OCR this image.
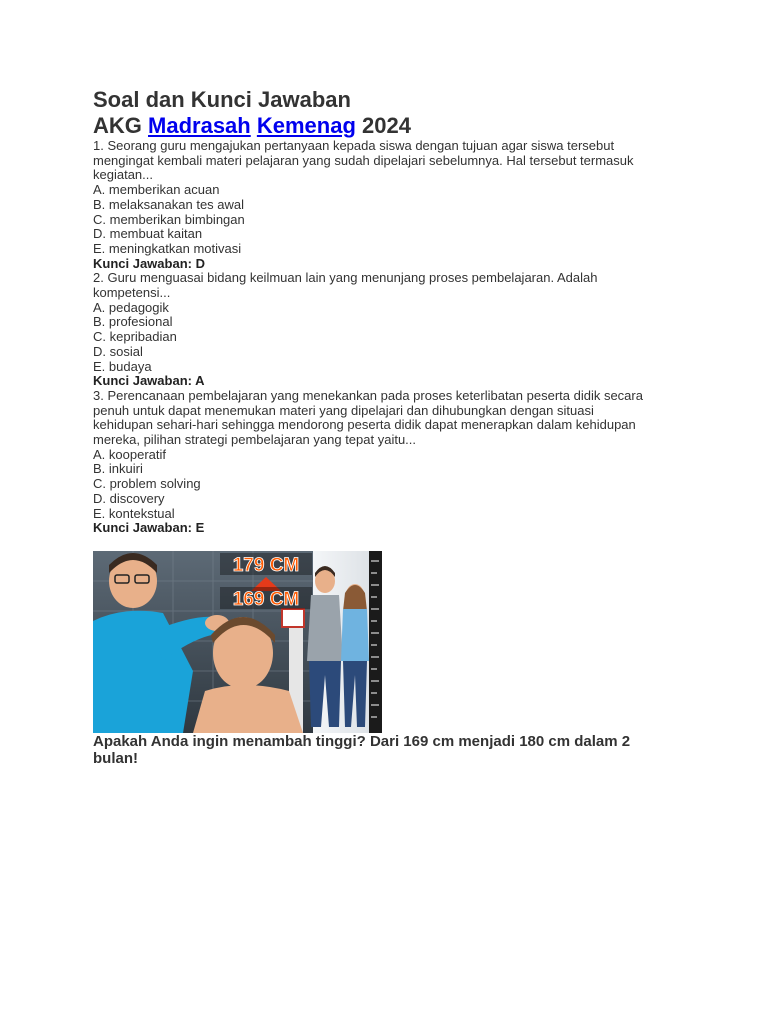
Soal dan Kunci Jawaban
AKG Madrasah Kemenag 2024
1. Seorang guru mengajukan pertanyaan kepada siswa dengan tujuan agar siswa tersebut
mengingat kembali materi pelajaran yang sudah dipelajari sebelumnya. Hal tersebut termasuk
kegiatan...
A. memberikan acuan
B. melaksanakan tes awal
C. memberikan bimbingan
D. membuat kaitan
E. meningkatkan motivasi
Kunci Jawaban: D
2. Guru menguasai bidang keilmuan lain yang menunjang proses pembelajaran. Adalah
kompetensi...
A. pedagogik
B. profesional
C. kepribadian
D. sosial
E. budaya
Kunci Jawaban: A
3. Perencanaan pembelajaran yang menekankan pada proses keterlibatan peserta didik secara
penuh untuk dapat menemukan materi yang dipelajari dan dihubungkan dengan situasi
kehidupan sehari-hari sehingga mendorong peserta didik dapat menerapkan dalam kehidupan
mereka, pilihan strategi pembelajaran yang tepat yaitu...
A. kooperatif
B. inkuiri
C. problem solving
D. discovery
E. kontekstual
Kunci Jawaban: E
179 CM
169 CM
Apakah Anda ingin menambah tinggi? Dari 169 cm menjadi 180 cm dalam 2
bulan!
